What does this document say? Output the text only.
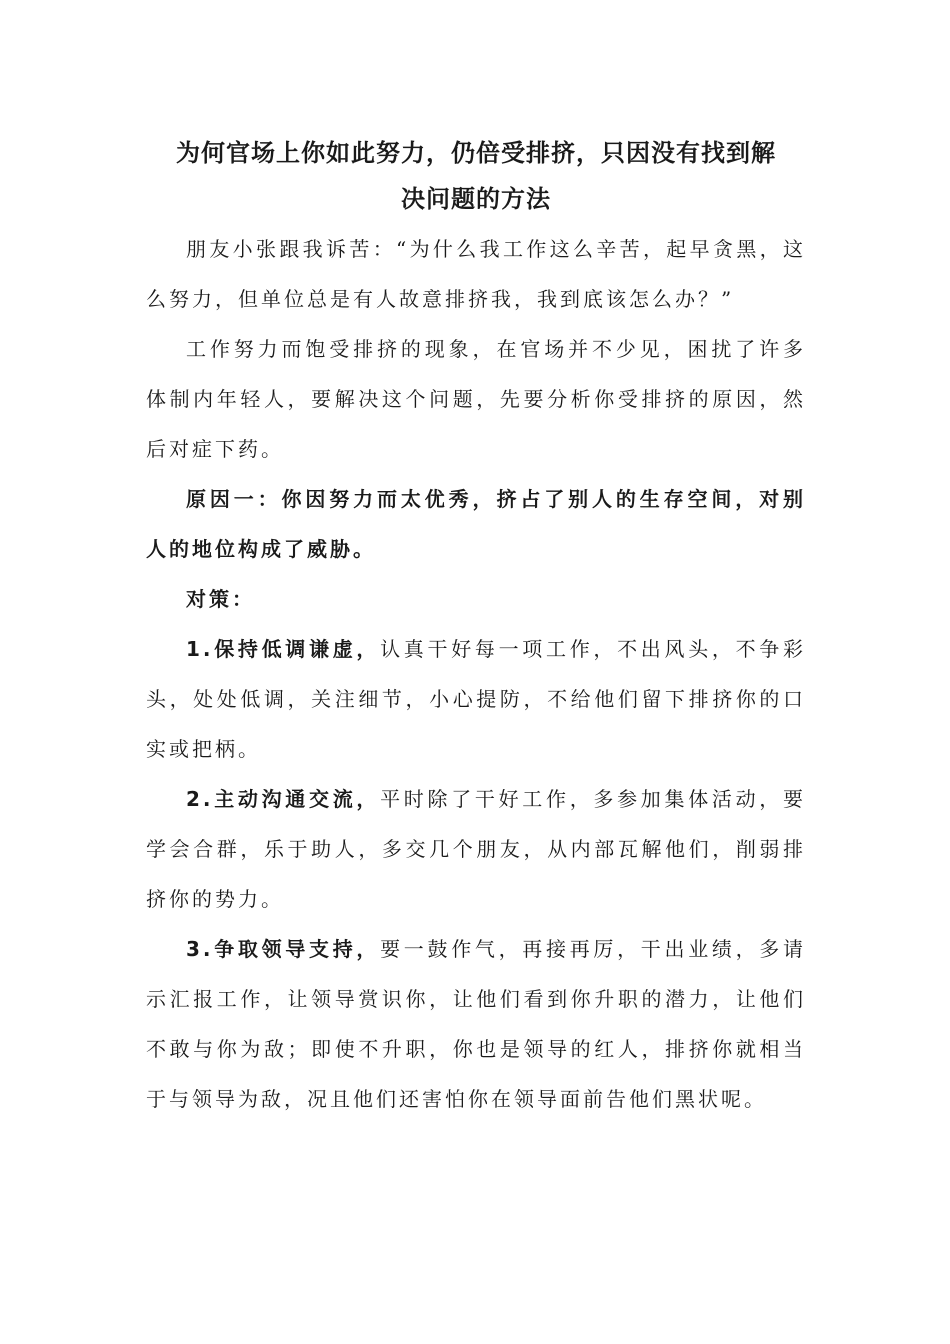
为何官场上你如此努力，仍倍受排挤，只因没有找到解
决问题的方法

朋友小张跟我诉苦：“为什么我工作这么辛苦，起早贪黑，这么努力，但单位总是有人故意排挤我，我到底该怎么办？”

工作努力而饱受排挤的现象，在官场并不少见，困扰了许多体制内年轻人，要解决这个问题，先要分析你受排挤的原因，然后对症下药。

原因一：你因努力而太优秀，挤占了别人的生存空间，对别人的地位构成了威胁。

对策：

1.保持低调谦虚，认真干好每一项工作，不出风头，不争彩头，处处低调，关注细节，小心提防，不给他们留下排挤你的口实或把柄。

2.主动沟通交流，平时除了干好工作，多参加集体活动，要学会合群，乐于助人，多交几个朋友，从内部瓦解他们，削弱排挤你的势力。

3.争取领导支持，要一鼓作气，再接再厉，干出业绩，多请示汇报工作，让领导赏识你，让他们看到你升职的潜力，让他们不敢与你为敌；即使不升职，你也是领导的红人，排挤你就相当于与领导为敌，况且他们还害怕你在领导面前告他们黑状呢。
